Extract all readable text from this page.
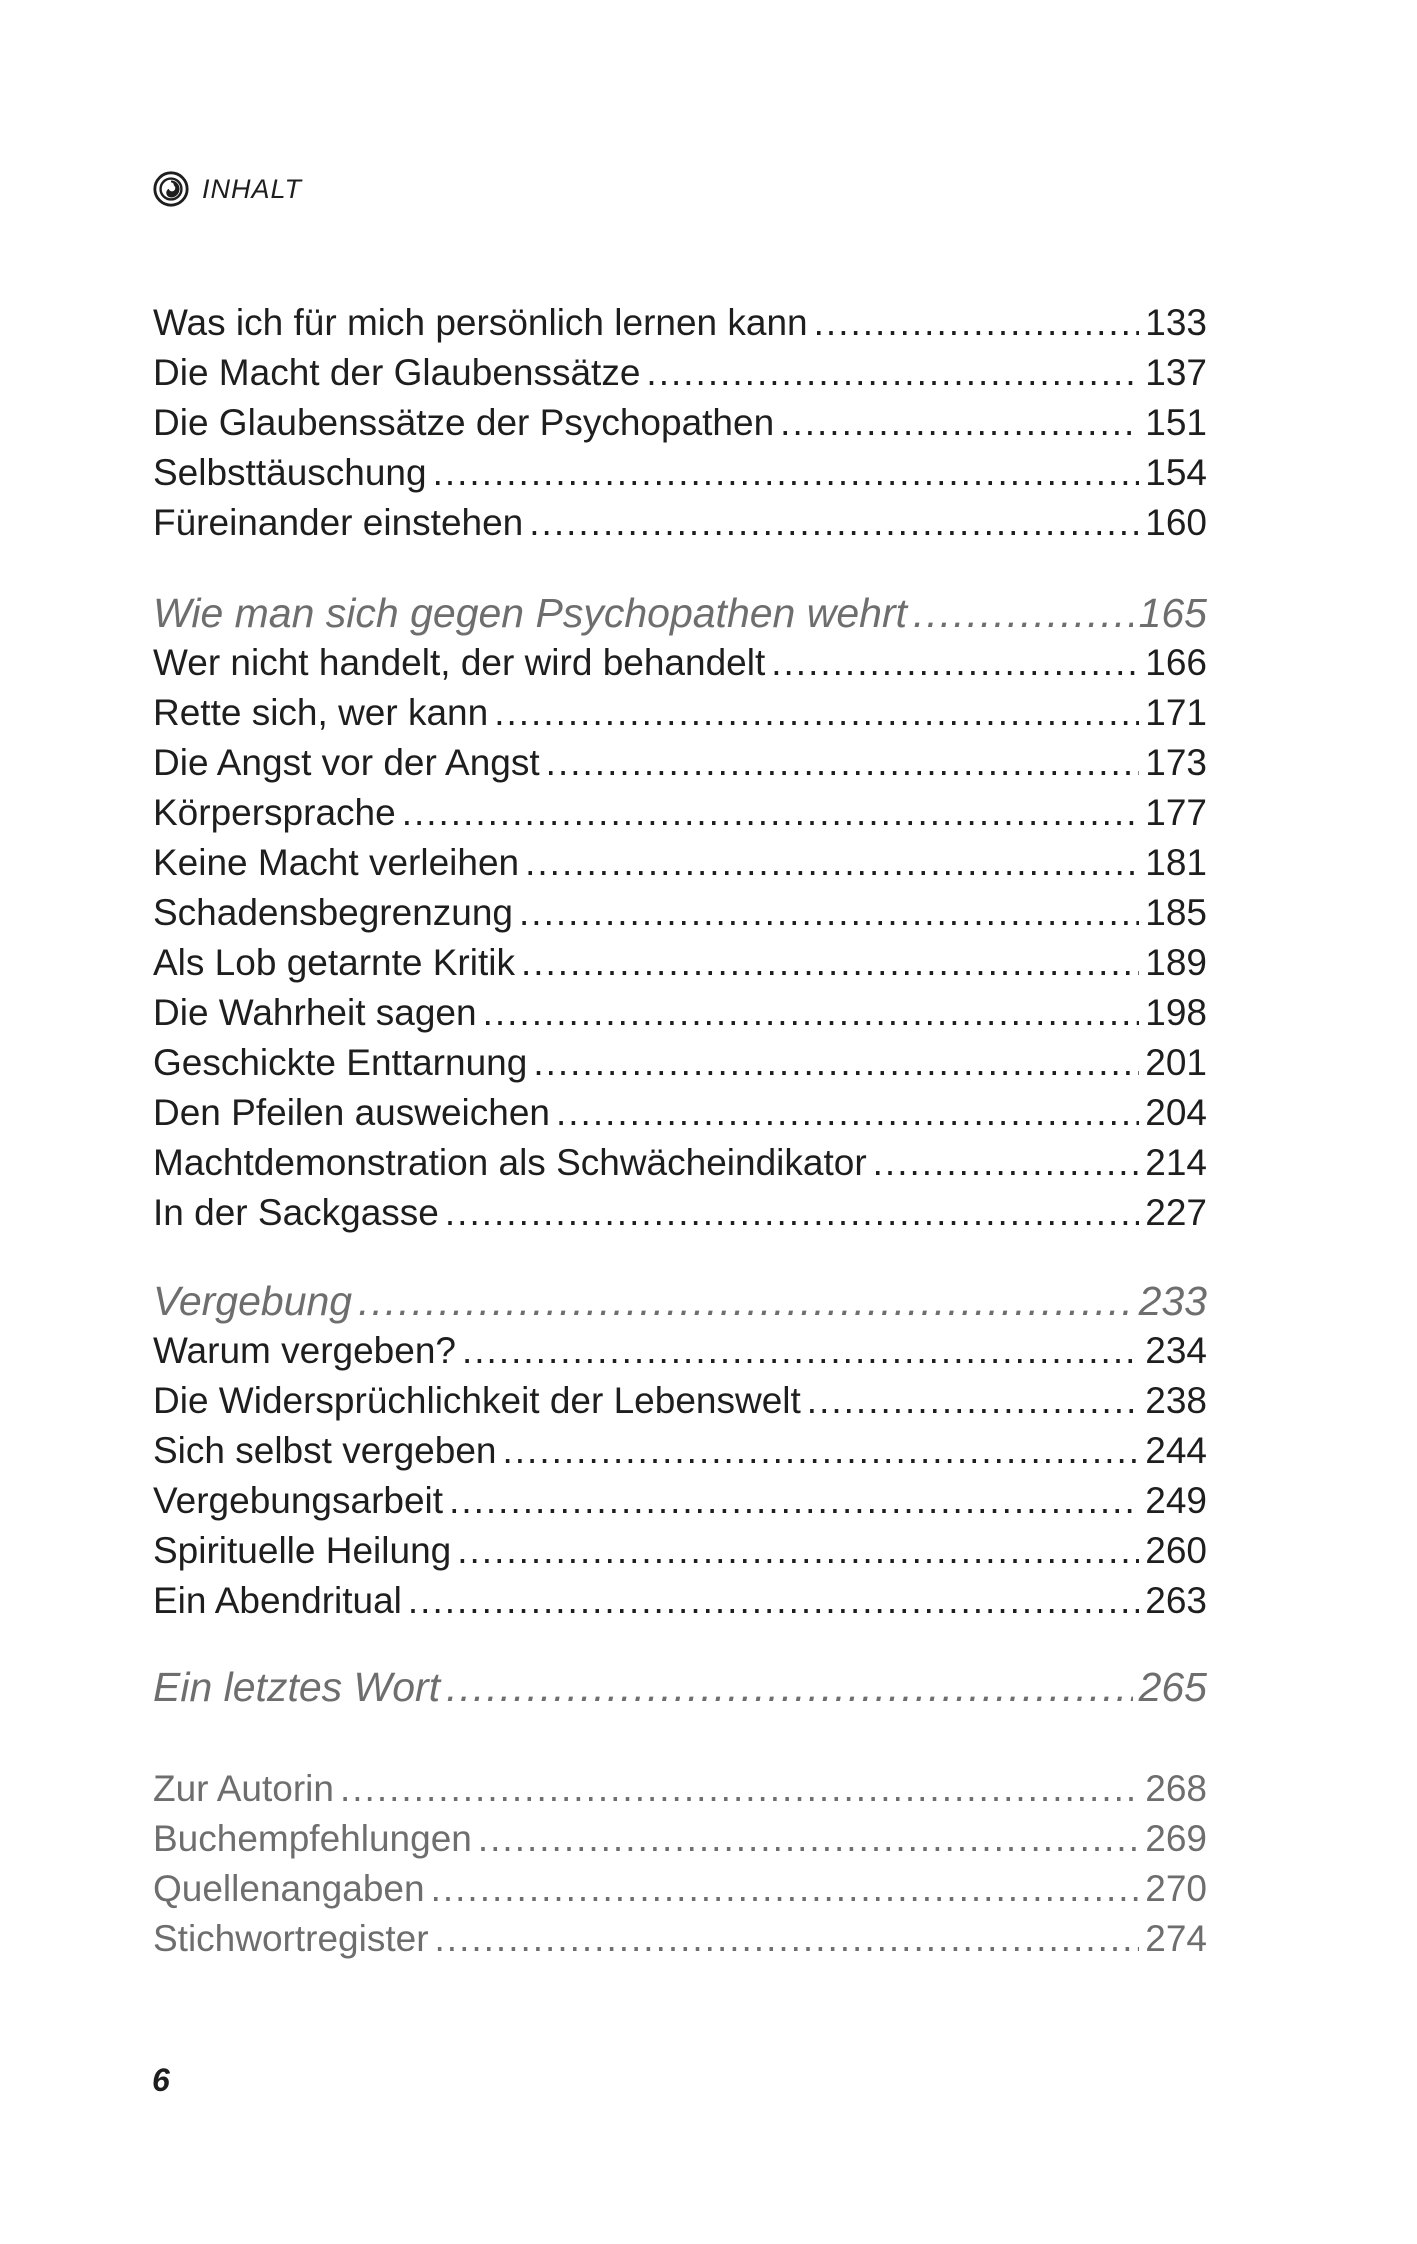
INHALT
Was ich für mich persönlich lernen kann .....	133
Die Macht der Glaubenssätze .....	137
Die Glaubenssätze der Psychopathen .....	151
Selbsttäuschung .....	154
Füreinander einstehen .....	160
Wie man sich gegen Psychopathen wehrt .....	165
Wer nicht handelt, der wird behandelt .....	166
Rette sich, wer kann .....	171
Die Angst vor der Angst .....	173
Körpersprache .....	177
Keine Macht verleihen .....	181
Schadensbegrenzung .....	185
Als Lob getarnte Kritik .....	189
Die Wahrheit sagen .....	198
Geschickte Enttarnung .....	201
Den Pfeilen ausweichen .....	204
Machtdemonstration als Schwächeindikator .....	214
In der Sackgasse .....	227
Vergebung .....	233
Warum vergeben? .....	234
Die Widersprüchlichkeit der Lebenswelt .....	238
Sich selbst vergeben .....	244
Vergebungsarbeit .....	249
Spirituelle Heilung .....	260
Ein Abendritual .....	263
Ein letztes Wort .....	265
Zur Autorin .....	268
Buchempfehlungen .....	269
Quellenangaben .....	270
Stichwortregister .....	274
6
